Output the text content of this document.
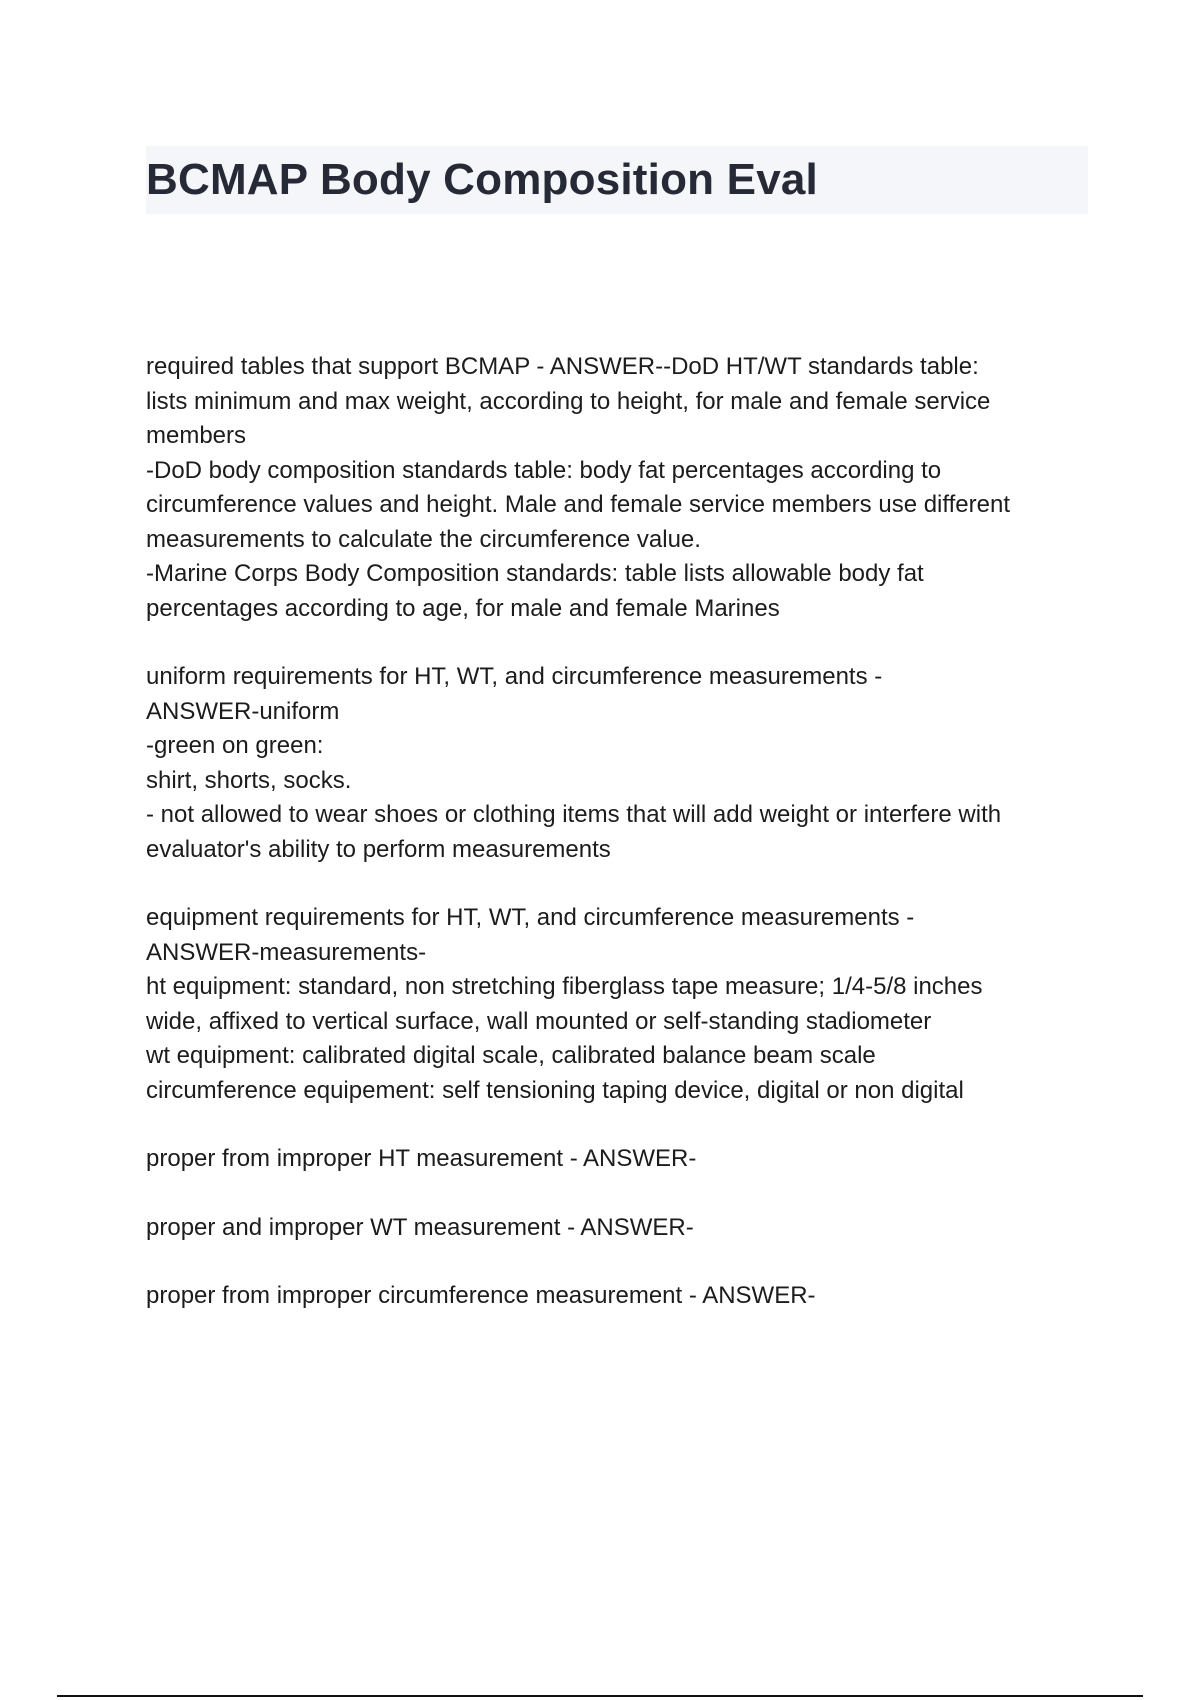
BCMAP Body Composition Eval
required tables that support BCMAP - ANSWER--DoD HT/WT standards table:
lists minimum and max weight, according to height, for male and female service
members
-DoD body composition standards table: body fat percentages according to
circumference values and height. Male and female service members use different
measurements to calculate the circumference value.
-Marine Corps Body Composition standards: table lists allowable body fat
percentages according to age, for male and female Marines
uniform requirements for HT, WT, and circumference measurements -
ANSWER-uniform
-green on green:
shirt, shorts, socks.
- not allowed to wear shoes or clothing items that will add weight or interfere with
evaluator's ability to perform measurements
equipment requirements for HT, WT, and circumference measurements -
ANSWER-measurements-
ht equipment: standard, non stretching fiberglass tape measure; 1/4-5/8 inches
wide, affixed to vertical surface, wall mounted or self-standing stadiometer
wt equipment: calibrated digital scale, calibrated balance beam scale
circumference equipement: self tensioning taping device, digital or non digital
proper from improper HT measurement - ANSWER-
proper and improper WT measurement - ANSWER-
proper from improper circumference measurement - ANSWER-
